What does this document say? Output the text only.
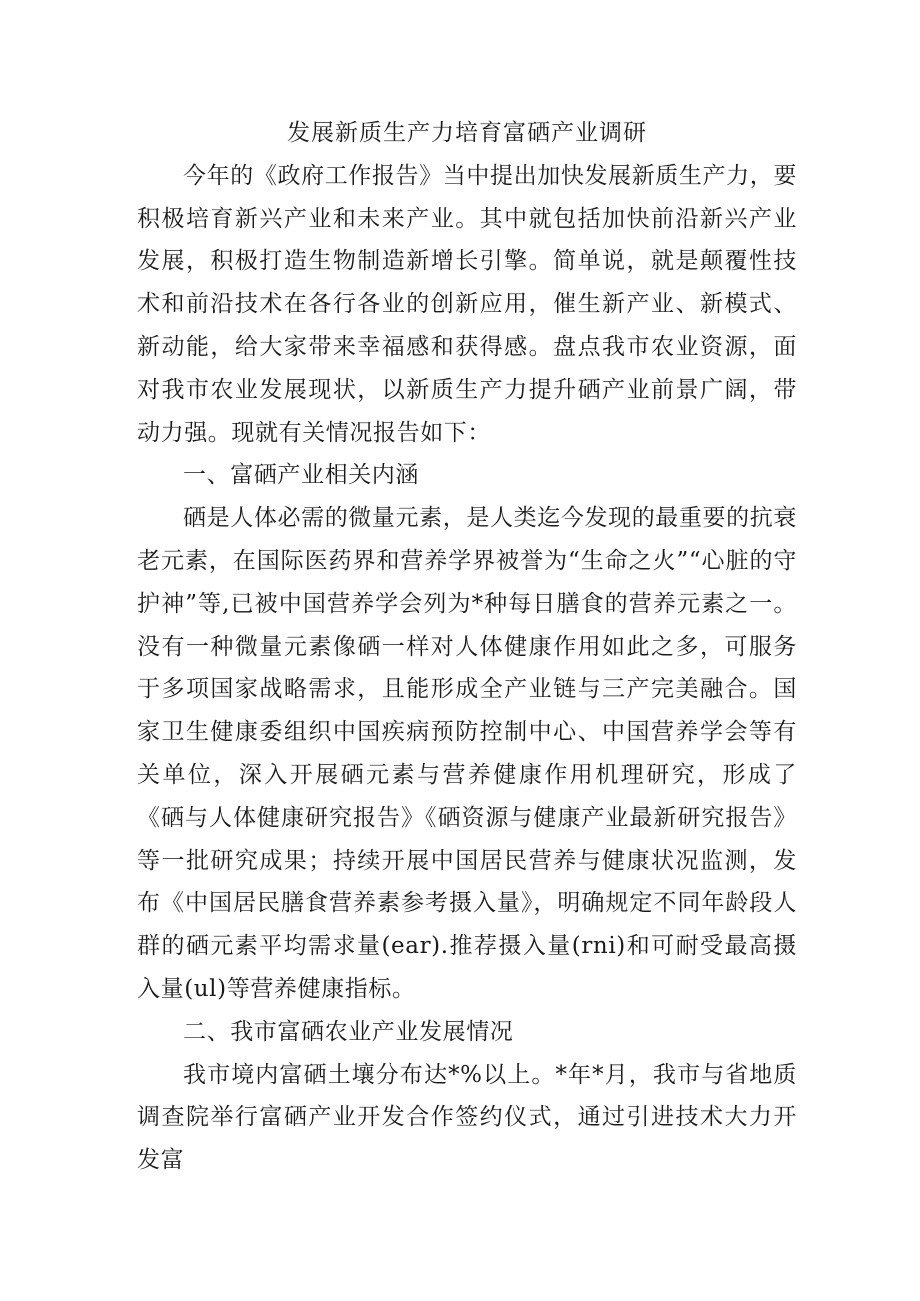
发展新质生产力培育富硒产业调研

今年的《政府工作报告》当中提出加快发展新质生产力，要积极培育新兴产业和未来产业。其中就包括加快前沿新兴产业发展，积极打造生物制造新增长引擎。简单说，就是颠覆性技术和前沿技术在各行各业的创新应用，催生新产业、新模式、新动能，给大家带来幸福感和获得感。盘点我市农业资源，面对我市农业发展现状，以新质生产力提升硒产业前景广阔，带动力强。现就有关情况报告如下：

一、富硒产业相关内涵

硒是人体必需的微量元素，是人类迄今发现的最重要的抗衰老元素，在国际医药界和营养学界被誉为“生命之火”“心脏的守护神”等,已被中国营养学会列为*种每日膳食的营养元素之一。没有一种微量元素像硒一样对人体健康作用如此之多，可服务于多项国家战略需求，且能形成全产业链与三产完美融合。国家卫生健康委组织中国疾病预防控制中心、中国营养学会等有关单位，深入开展硒元素与营养健康作用机理研究，形成了《硒与人体健康研究报告》《硒资源与健康产业最新研究报告》等一批研究成果；持续开展中国居民营养与健康状况监测，发布《中国居民膳食营养素参考摄入量》，明确规定不同年龄段人群的硒元素平均需求量(ear).推荐摄入量(rni)和可耐受最高摄入量(ul)等营养健康指标。

二、我市富硒农业产业发展情况

我市境内富硒土壤分布达*%以上。*年*月，我市与省地质调查院举行富硒产业开发合作签约仪式，通过引进技术大力开发富
